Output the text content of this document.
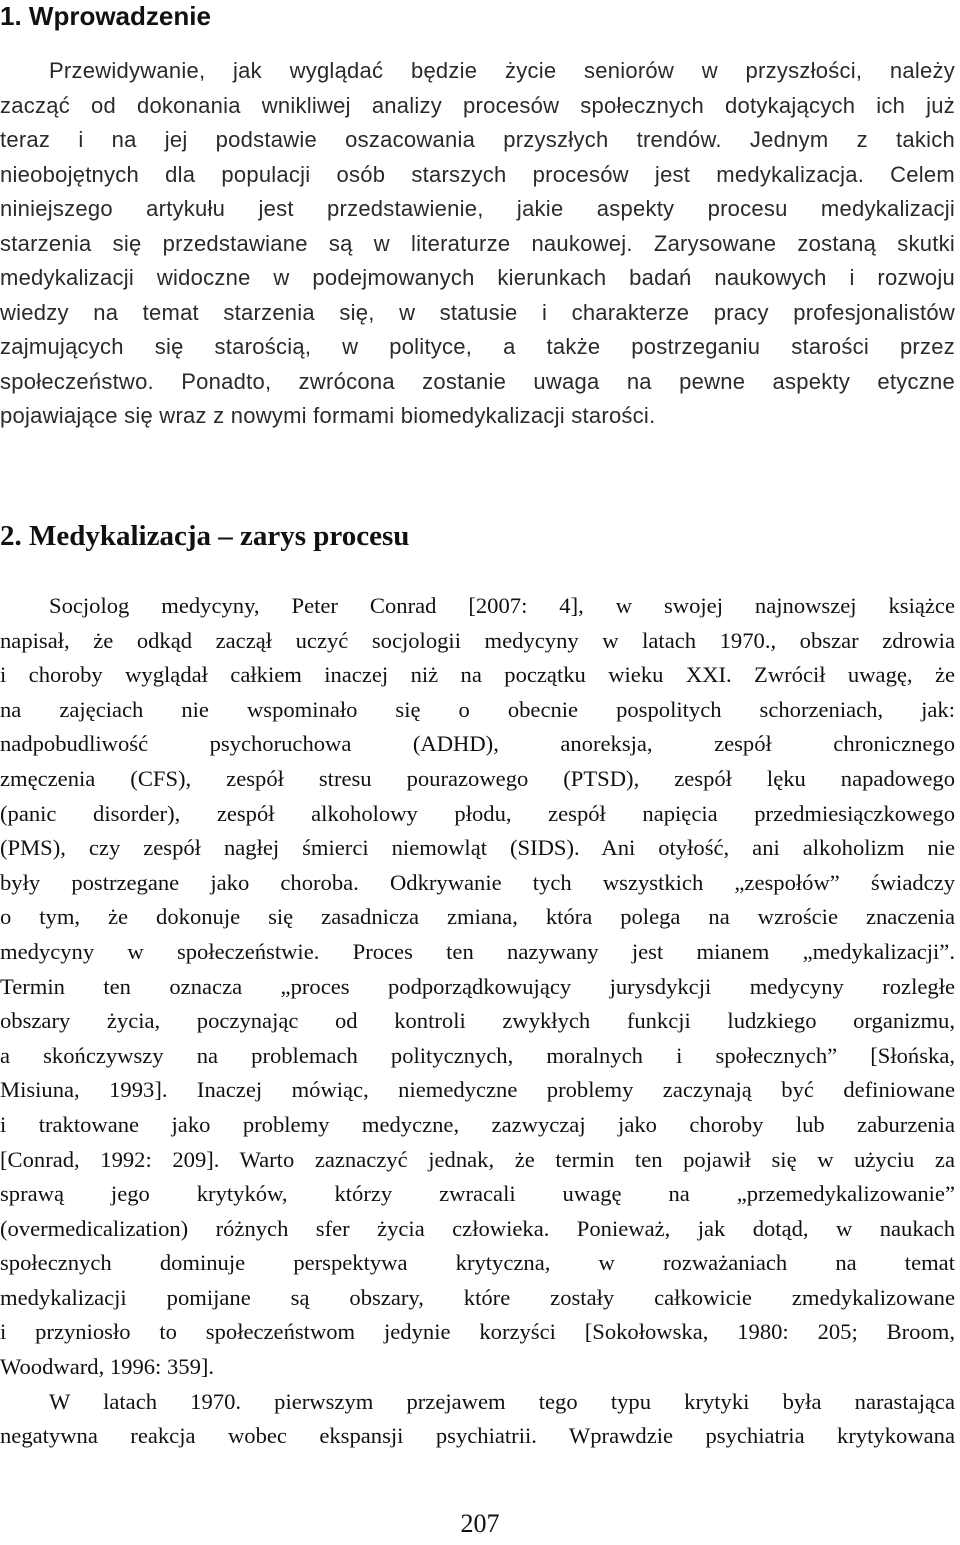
1. Wprowadzenie
Przewidywanie, jak wyglądać będzie życie seniorów w przyszłości, należy
zacząć od dokonania wnikliwej analizy procesów społecznych dotykających ich już
teraz i na jej podstawie oszacowania przyszłych trendów. Jednym z takich
nieobojętnych dla populacji osób starszych procesów jest medykalizacja. Celem
niniejszego artykułu jest przedstawienie, jakie aspekty procesu medykalizacji
starzenia się przedstawiane są w literaturze naukowej. Zarysowane zostaną skutki
medykalizacji widoczne w podejmowanych kierunkach badań naukowych i rozwoju
wiedzy na temat starzenia się, w statusie i charakterze pracy profesjonalistów
zajmujących się starością, w polityce, a także postrzeganiu starości przez
społeczeństwo. Ponadto, zwrócona zostanie uwaga na pewne aspekty etyczne
pojawiające się wraz z nowymi formami biomedykalizacji starości.
2. Medykalizacja – zarys procesu
Socjolog medycyny, Peter Conrad [2007: 4], w swojej najnowszej książce
napisał, że odkąd zaczął uczyć socjologii medycyny w latach 1970., obszar zdrowia
i choroby wyglądał całkiem inaczej niż na początku wieku XXI. Zwrócił uwagę, że
na zajęciach nie wspominało się o obecnie pospolitych schorzeniach, jak:
nadpobudliwość psychoruchowa (ADHD), anoreksja, zespół chronicznego
zmęczenia (CFS), zespół stresu pourazowego (PTSD), zespół lęku napadowego
(panic disorder), zespół alkoholowy płodu, zespół napięcia przedmiesiączkowego
(PMS), czy zespół nagłej śmierci niemowląt (SIDS). Ani otyłość, ani alkoholizm nie
były postrzegane jako choroba. Odkrywanie tych wszystkich „zespołów” świadczy
o tym, że dokonuje się zasadnicza zmiana, która polega na wzroście znaczenia
medycyny w społeczeństwie. Proces ten nazywany jest mianem „medykalizacji”.
Termin ten oznacza „proces podporządkowujący jurysdykcji medycyny rozległe
obszary życia, poczynając od kontroli zwykłych funkcji ludzkiego organizmu,
a skończywszy na problemach politycznych, moralnych i społecznych” [Słońska,
Misiuna, 1993]. Inaczej mówiąc, niemedyczne problemy zaczynają być definiowane
i traktowane jako problemy medyczne, zazwyczaj jako choroby lub zaburzenia
[Conrad, 1992: 209]. Warto zaznaczyć jednak, że termin ten pojawił się w użyciu za
sprawą jego krytyków, którzy zwracali uwagę na „przemedykalizowanie”
(overmedicalization) różnych sfer życia człowieka. Ponieważ, jak dotąd, w naukach
społecznych dominuje perspektywa krytyczna, w rozważaniach na temat
medykalizacji pomijane są obszary, które zostały całkowicie zmedykalizowane
i przyniosło to społeczeństwom jedynie korzyści [Sokołowska, 1980: 205; Broom,
Woodward, 1996: 359].
W latach 1970. pierwszym przejawem tego typu krytyki była narastająca
negatywna reakcja wobec ekspansji psychiatrii. Wprawdzie psychiatria krytykowana
207
